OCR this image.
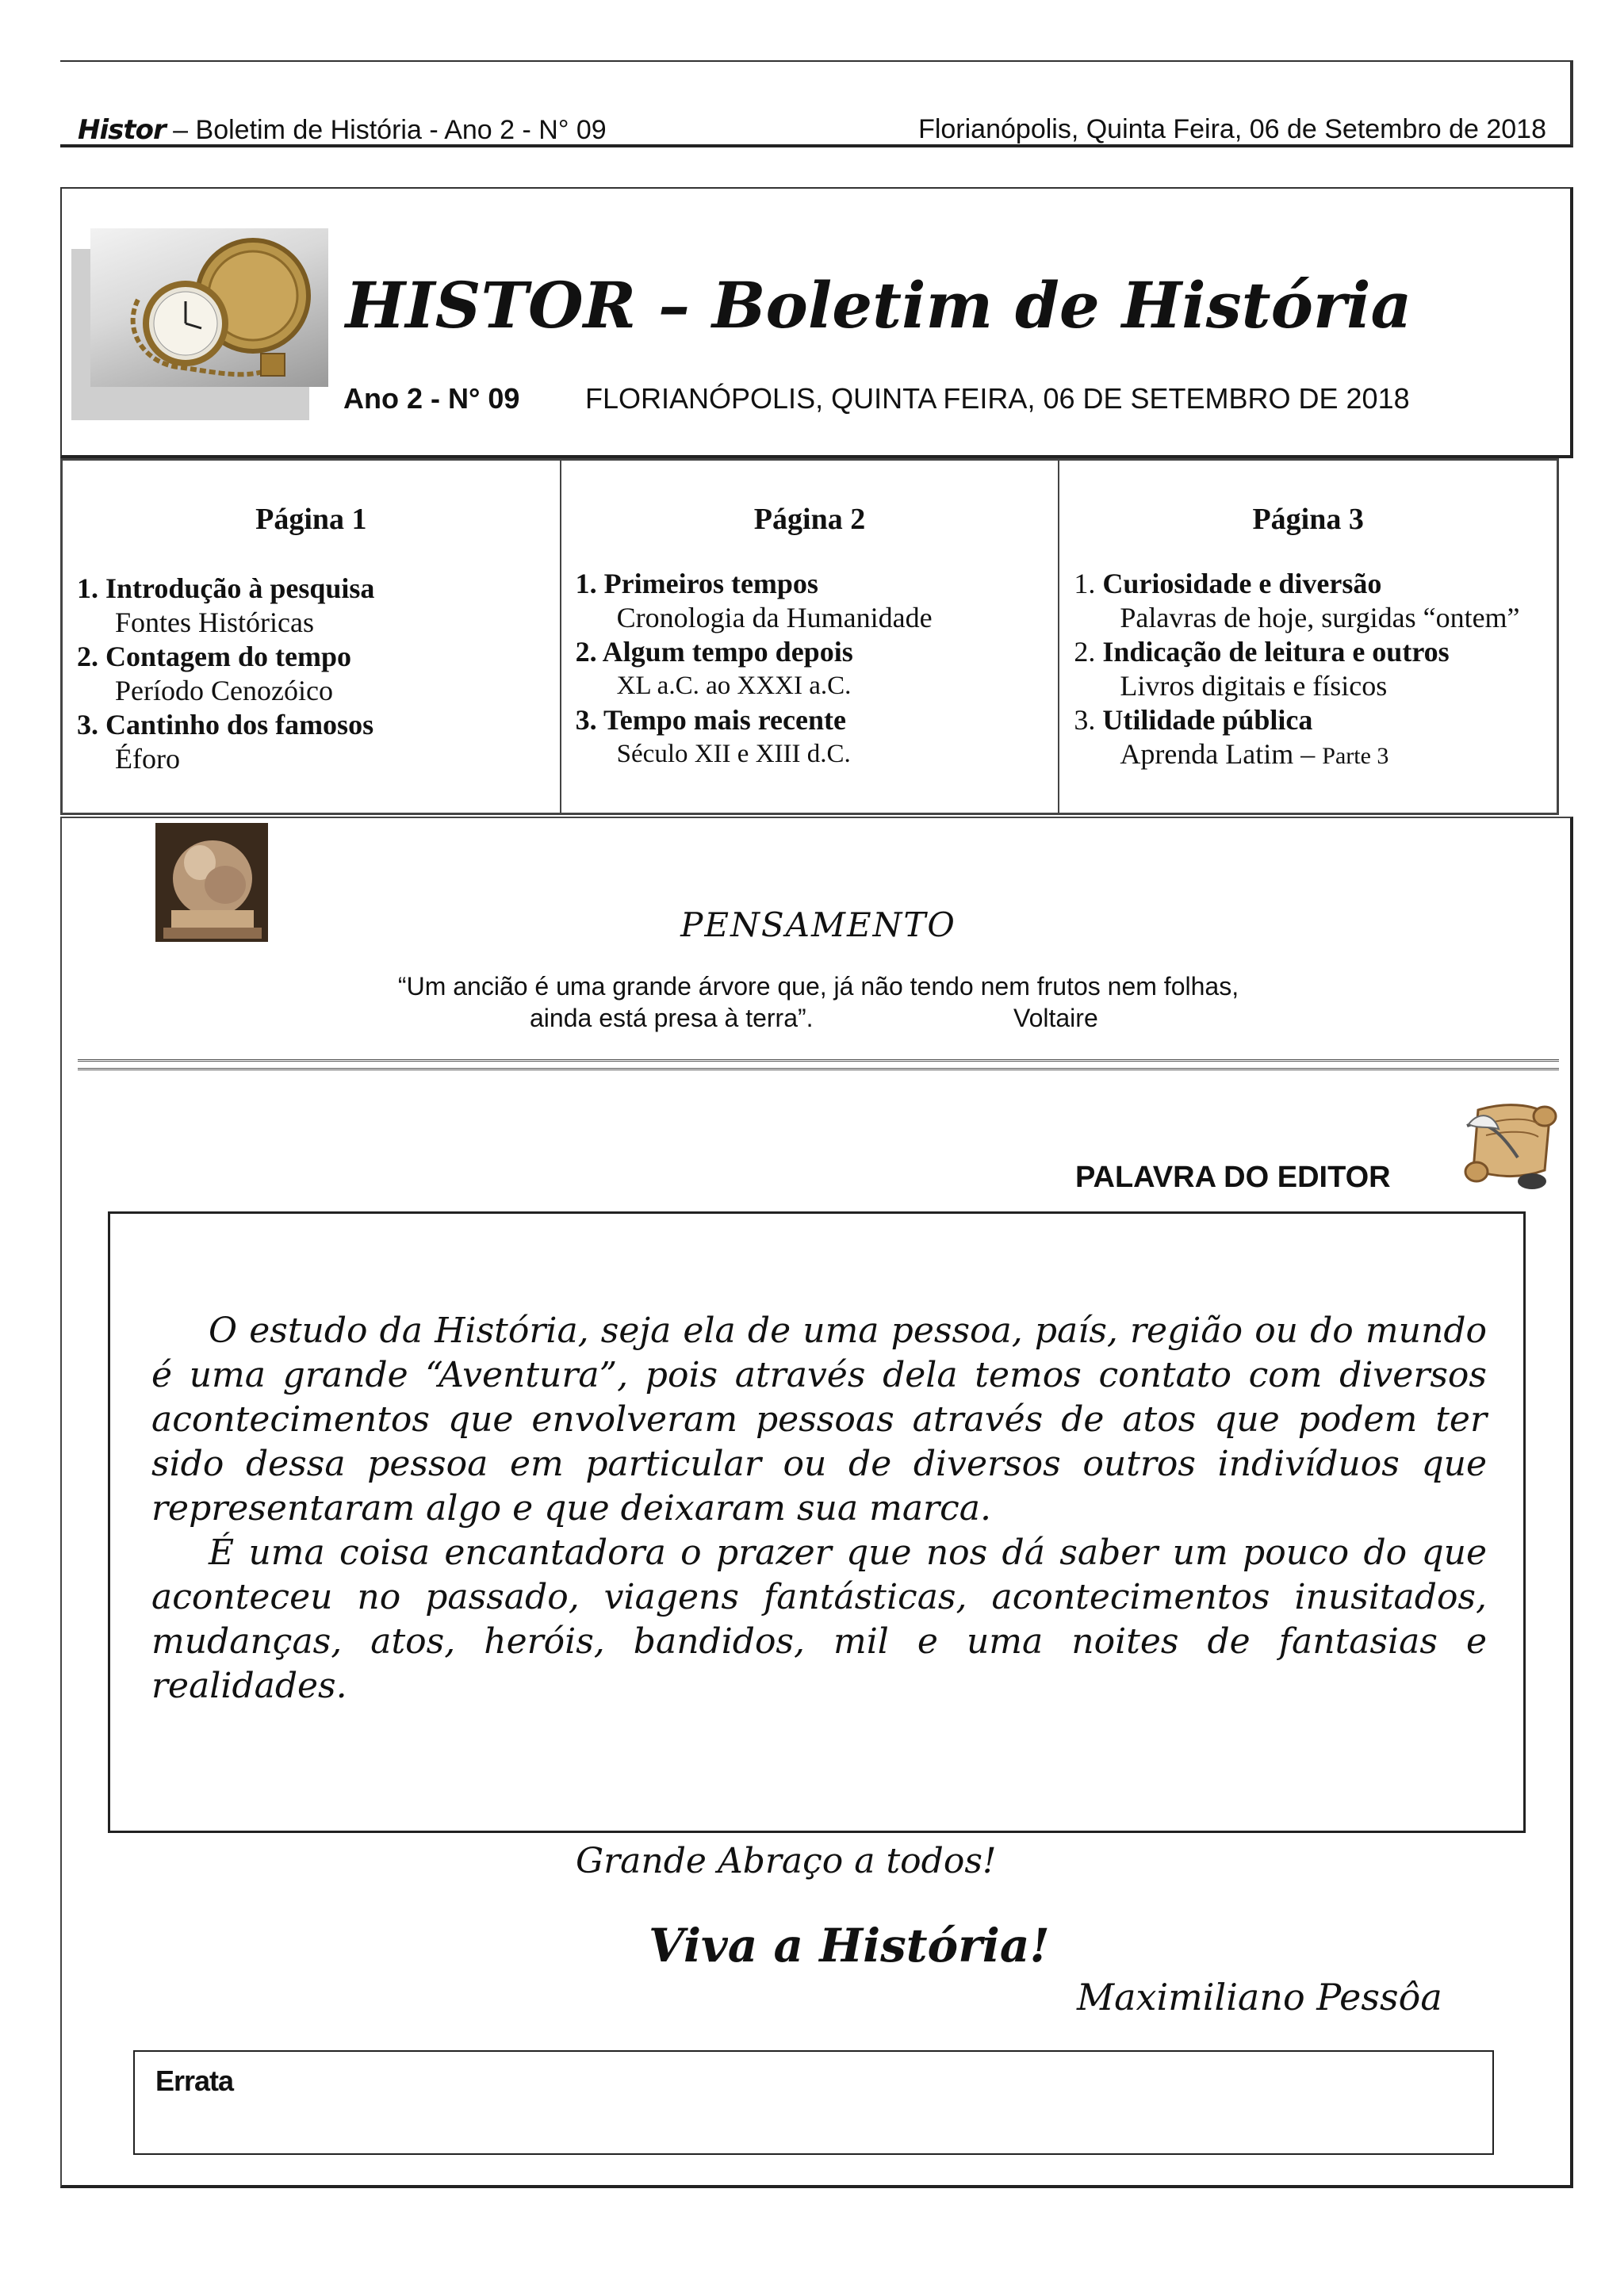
Histor – Boletim de História - Ano 2 - N° 09	Florianópolis, Quinta Feira, 06 de Setembro de 2018
HISTOR – Boletim de História
Ano 2 - N° 09 FLORIANÓPOLIS, QUINTA FEIRA, 06 DE SETEMBRO DE 2018
Página 1
1. Introdução à pesquisa
Fontes Históricas
2. Contagem do tempo
Período Cenozóico
3. Cantinho dos famosos
Éforo
Página 2
1. Primeiros tempos
Cronologia da Humanidade
2. Algum tempo depois
XL a.C. ao XXXI a.C.
3. Tempo mais recente
Século XII e XIII d.C.
Página 3
1. Curiosidade e diversão
Palavras de hoje, surgidas “ontem”
2. Indicação de leitura e outros
Livros digitais e físicos
3. Utilidade pública
Aprenda Latim – Parte 3
PENSAMENTO
“Um ancião é uma grande árvore que, já não tendo nem frutos nem folhas,
ainda está presa à terra”.	Voltaire
PALAVRA DO EDITOR
O estudo da História, seja ela de uma pessoa, país, região ou do mundo é uma grande “Aventura”, pois através dela temos contato com diversos acontecimentos que envolveram pessoas através de atos que podem ter sido dessa pessoa em particular ou de diversos outros indivíduos que representaram algo e que deixaram sua marca.
É uma coisa encantadora o prazer que nos dá saber um pouco do que aconteceu no passado, viagens fantásticas, acontecimentos inusitados, mudanças, atos, heróis, bandidos, mil e uma noites de fantasias e realidades.
Grande Abraço a todos!
Viva a História!
Maximiliano Pessôa
Errata
